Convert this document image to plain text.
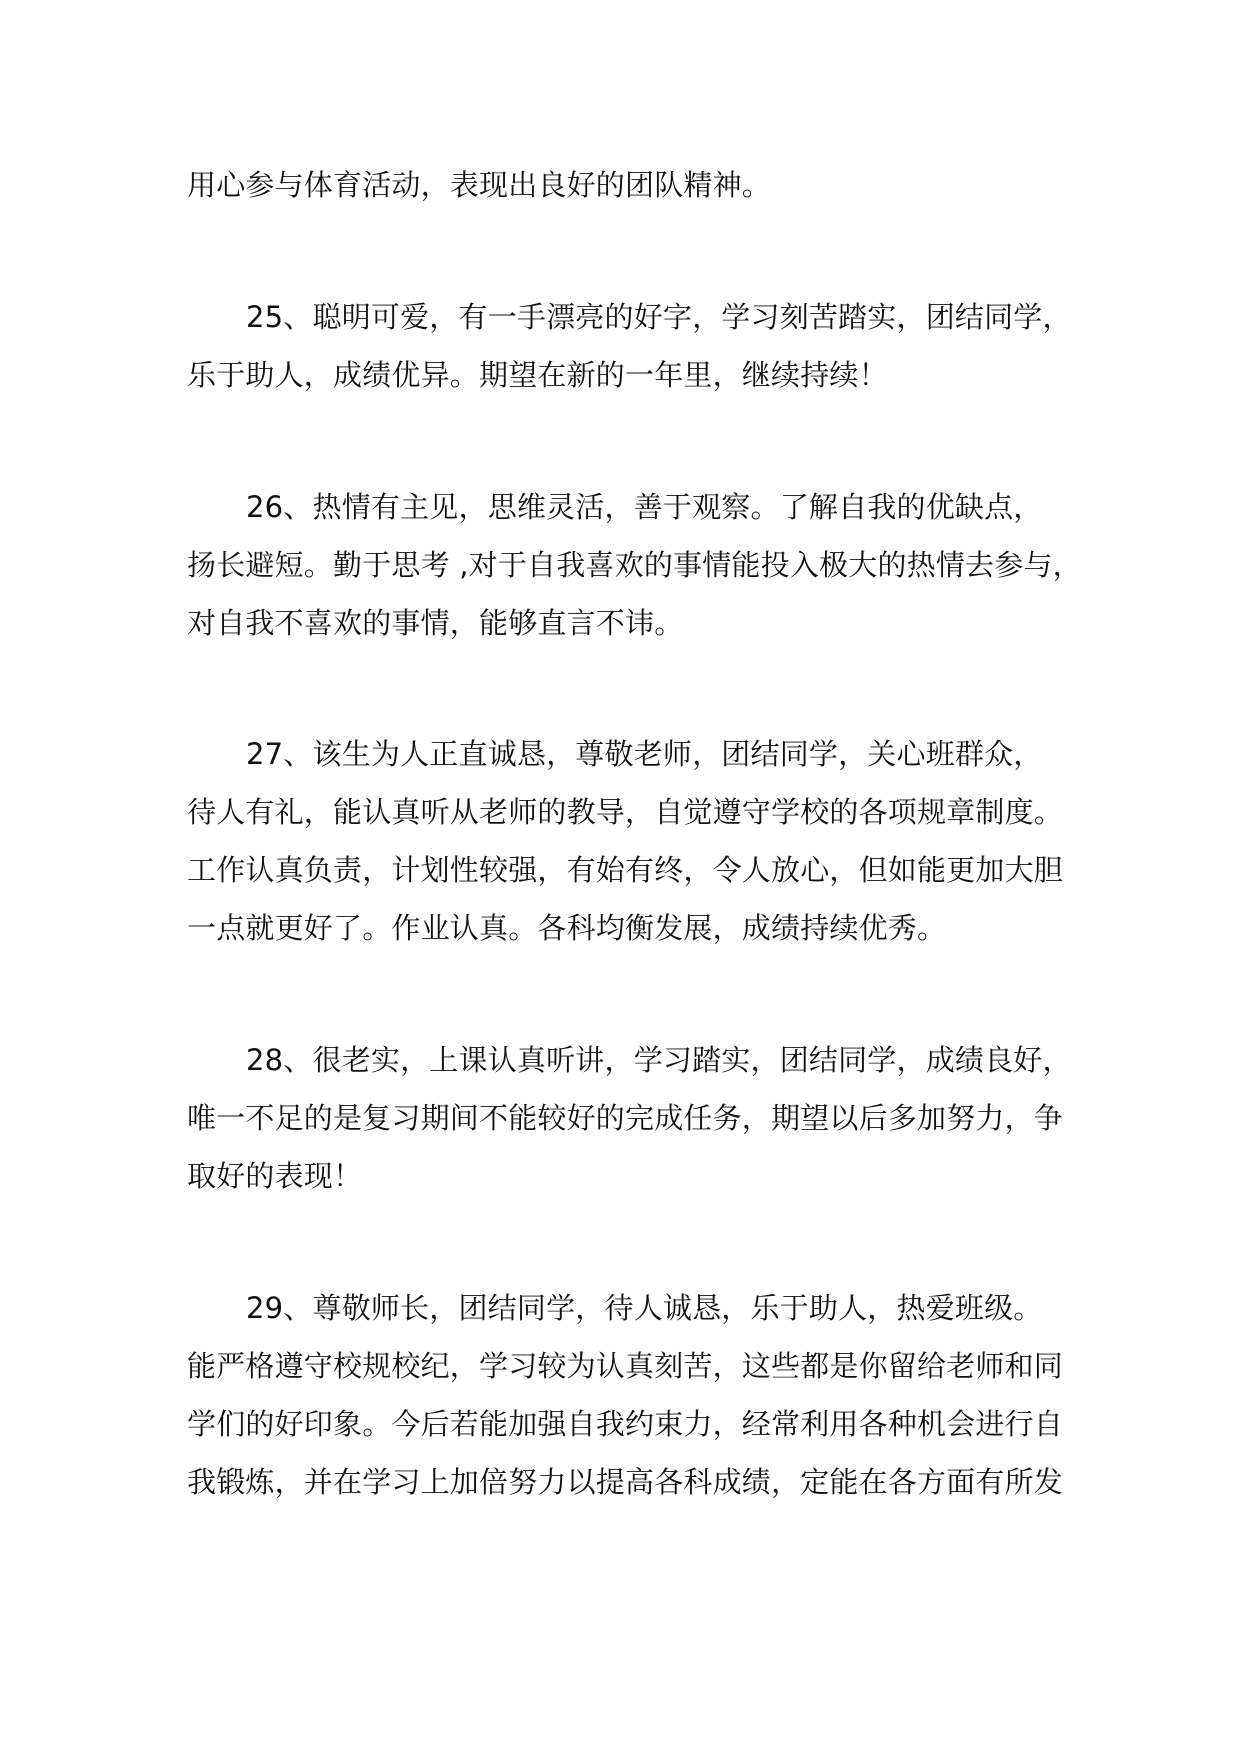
用心参与体育活动，表现出良好的团队精神。

25、聪明可爱，有一手漂亮的好字，学习刻苦踏实，团结同学，

乐于助人，成绩优异。期望在新的一年里，继续持续！

26、热情有主见，思维灵活，善于观察。了解自我的优缺点，

扬长避短。勤于思考 ,对于自我喜欢的事情能投入极大的热情去参与，

对自我不喜欢的事情，能够直言不讳。

27、该生为人正直诚恳，尊敬老师，团结同学，关心班群众，

待人有礼，能认真听从老师的教导，自觉遵守学校的各项规章制度。

工作认真负责，计划性较强，有始有终，令人放心，但如能更加大胆

一点就更好了。作业认真。各科均衡发展，成绩持续优秀。

28、很老实，上课认真听讲，学习踏实，团结同学，成绩良好，

唯一不足的是复习期间不能较好的完成任务，期望以后多加努力，争

取好的表现！

29、尊敬师长，团结同学，待人诚恳，乐于助人，热爱班级。

能严格遵守校规校纪，学习较为认真刻苦，这些都是你留给老师和同

学们的好印象。今后若能加强自我约束力，经常利用各种机会进行自

我锻炼，并在学习上加倍努力以提高各科成绩，定能在各方面有所发
